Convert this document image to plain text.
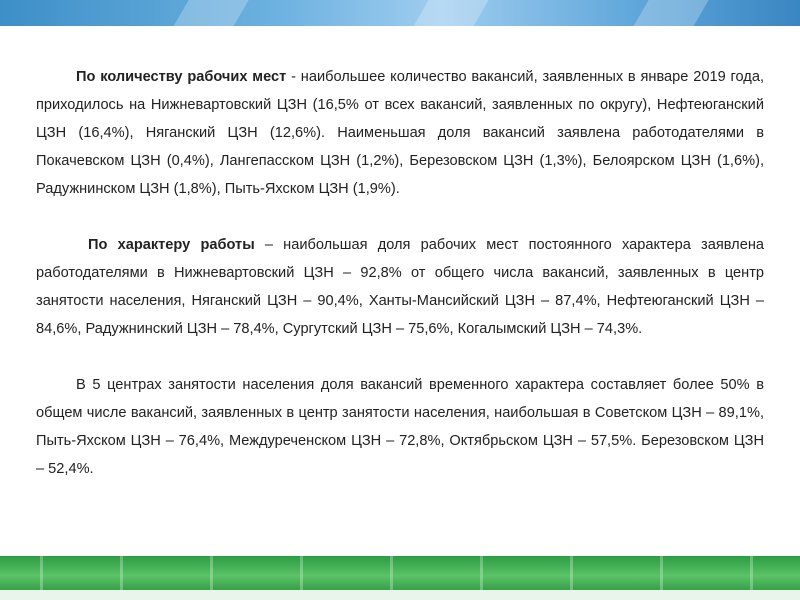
По количеству рабочих мест - наибольшее количество вакансий, заявленных в январе 2019 года, приходилось на Нижневартовский ЦЗН (16,5% от всех вакансий, заявленных по округу), Нефтеюганский ЦЗН (16,4%), Няганский ЦЗН (12,6%). Наименьшая доля вакансий заявлена работодателями в Покачевском ЦЗН (0,4%), Лангепасском ЦЗН (1,2%), Березовском ЦЗН (1,3%), Белоярском ЦЗН (1,6%), Радужнинском ЦЗН (1,8%), Пыть-Яхском ЦЗН (1,9%).

По характеру работы – наибольшая доля рабочих мест постоянного характера заявлена работодателями в Нижневартовский ЦЗН – 92,8% от общего числа вакансий, заявленных в центр занятости населения, Няганский ЦЗН – 90,4%, Ханты-Мансийский ЦЗН – 87,4%, Нефтеюганский ЦЗН – 84,6%, Радужнинский ЦЗН – 78,4%, Сургутский ЦЗН – 75,6%, Когалымский ЦЗН – 74,3%.

В 5 центрах занятости населения доля вакансий временного характера составляет более 50% в общем числе вакансий, заявленных в центр занятости населения, наибольшая в Советском ЦЗН – 89,1%, Пыть-Яхском ЦЗН – 76,4%, Междуреченском ЦЗН – 72,8%, Октябрьском ЦЗН – 57,5%. Березовском ЦЗН – 52,4%.
